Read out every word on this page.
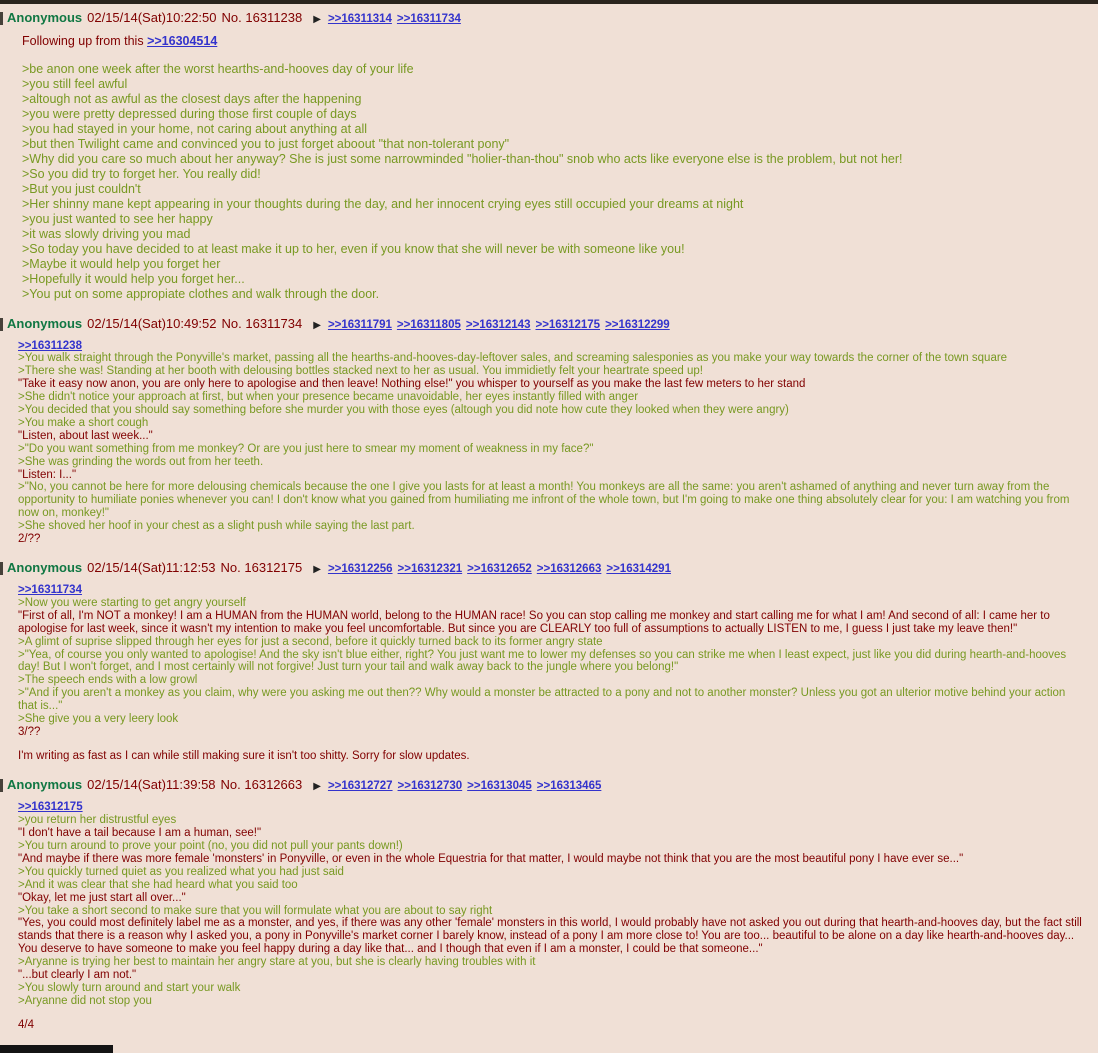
Anonymous 02/15/14(Sat)10:22:50 No. 16311238 ▶ >>16311314 >>16311734
Following up from this >>16304514
>be anon one week after the worst hearths-and-hooves day of your life
>you still feel awful
>altough not as awful as the closest days after the happening
>you were pretty depressed during those first couple of days
>you had stayed in your home, not caring about anything at all
>but then Twilight came and convinced you to just forget aboout "that non-tolerant pony"
>Why did you care so much about her anyway? She is just some narrowminded "holier-than-thou" snob who acts like everyone else is the problem, but not her!
>So you did try to forget her. You really did!
>But you just couldn't
>Her shinny mane kept appearing in your thoughts during the day, and her innocent crying eyes still occupied your dreams at night
>you just wanted to see her happy
>it was slowly driving you mad
>So today you have decided to at least make it up to her, even if you know that she will never be with someone like you!
>Maybe it would help you forget her
>Hopefully it would help you forget her...
>You put on some appropiate clothes and walk through the door.
Anonymous 02/15/14(Sat)10:49:52 No. 16311734 ▶ >>16311791 >>16311805 >>16312143 >>16312175 >>16312299
>>16311238
>You walk straight through the Ponyville's market, passing all the hearths-and-hooves-day-leftover sales, and screaming salesponies as you make your way towards the corner of the town square
>There she was! Standing at her booth with delousing bottles stacked next to her as usual. You immidietly felt your heartrate speed up!
"Take it easy now anon, you are only here to apologise and then leave! Nothing else!" you whisper to yourself as you make the last few meters to her stand
>She didn't notice your approach at first, but when your presence became unavoidable, her eyes instantly filled with anger
>You decided that you should say something before she murder you with those eyes (altough you did note how cute they looked when they were angry)
>You make a short cough
"Listen, about last week..."
>"Do you want something from me monkey? Or are you just here to smear my moment of weakness in my face?"
>She was grinding the words out from her teeth.
"Listen: I..."
>"No, you cannot be here for more delousing chemicals because the one I give you lasts for at least a month! You monkeys are all the same: you aren't ashamed of anything and never turn away from the opportunity to humiliate ponies whenever you can! I don't know what you gained from humiliating me infront of the whole town, but I'm going to make one thing absolutely clear for you: I am watching you from now on, monkey!"
>She shoved her hoof in your chest as a slight push while saying the last part.
2/??
Anonymous 02/15/14(Sat)11:12:53 No. 16312175 ▶ >>16312256 >>16312321 >>16312652 >>16312663 >>16314291
>>16311734
>Now you were starting to get angry yourself
"First of all, I'm NOT a monkey! I am a HUMAN from the HUMAN world, belong to the HUMAN race! So you can stop calling me monkey and start calling me for what I am! And second of all: I came her to apologise for last week, since it wasn't my intention to make you feel uncomfortable. But since you are CLEARLY too full of assumptions to actually LISTEN to me, I guess I just take my leave then!"
>A glimt of suprise slipped through her eyes for just a second, before it quickly turned back to its former angry state
>"Yea, of course you only wanted to apologise! And the sky isn't blue either, right? You just want me to lower my defenses so you can strike me when I least expect, just like you did during hearth-and-hooves day! But I won't forget, and I most certainly will not forgive! Just turn your tail and walk away back to the jungle where you belong!"
>The speech ends with a low growl
>"And if you aren't a monkey as you claim, why were you asking me out then?? Why would a monster be attracted to a pony and not to another monster? Unless you got an ulterior motive behind your action that is..."
>She give you a very leery look
3/??
I'm writing as fast as I can while still making sure it isn't too shitty. Sorry for slow updates.
Anonymous 02/15/14(Sat)11:39:58 No. 16312663 ▶ >>16312727 >>16312730 >>16313045 >>16313465
>>16312175
>you return her distrustful eyes
"I don't have a tail because I am a human, see!"
>You turn around to prove your point (no, you did not pull your pants down!)
"And maybe if there was more female 'monsters' in Ponyville, or even in the whole Equestria for that matter, I would maybe not think that you are the most beautiful pony I have ever se..."
>You quickly turned quiet as you realized what you had just said
>And it was clear that she had heard what you said too
"Okay, let me just start all over..."
>You take a short second to make sure that you will formulate what you are about to say right
"Yes, you could most definitely label me as a monster, and yes, if there was any other 'female' monsters in this world, I would probably have not asked you out during that hearth-and-hooves day, but the fact still stands that there is a reason why I asked you, a pony in Ponyville's market corner I barely know, instead of a pony I am more close to! You are too... beautiful to be alone on a day like hearth-and-hooves day... You deserve to have someone to make you feel happy during a day like that... and I though that even if I am a monster, I could be that someone..."
>Aryanne is trying her best to maintain her angry stare at you, but she is clearly having troubles with it
"...but clearly I am not."
>You slowly turn around and start your walk
>Aryanne did not stop you
4/4
